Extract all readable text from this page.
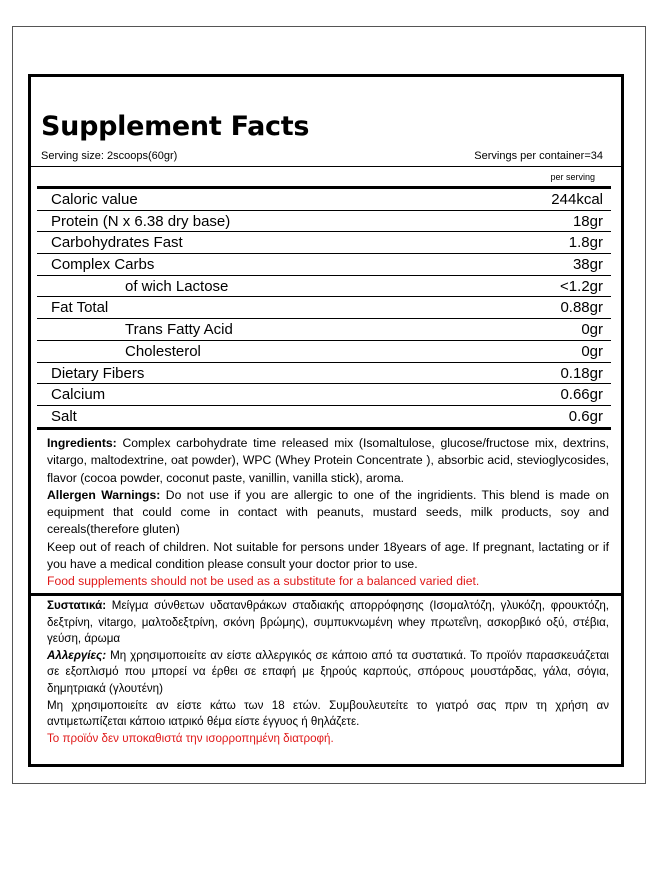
Supplement Facts
Serving size: 2scoops(60gr)	Servings per container=34
per serving
Caloric value	244kcal
Protein (N x 6.38 dry base)	18gr
Carbohydrates Fast	1.8gr
Complex Carbs	38gr
of wich Lactose	<1.2gr
Fat Total	0.88gr
Trans Fatty Acid	0gr
Cholesterol	0gr
Dietary Fibers	0.18gr
Calcium	0.66gr
Salt	0.6gr
Ingredients: Complex carbohydrate time released mix (Isomaltulose, glucose/fructose mix, dextrins, vitargo, maltodextrine, oat powder), WPC (Whey Protein Concentrate ), absorbic acid, stevioglycosides, flavor (cocoa powder, coconut paste, vanillin, vanilla stick), aroma.
Allergen Warnings: Do not use if you are allergic to one of the ingridients. This blend is made on equipment that could come in contact with peanuts, mustard seeds, milk products, soy and cereals(therefore gluten)
Keep out of reach of children. Not suitable for persons under 18years of age. If pregnant, lactating or if you have a medical condition please consult your doctor prior to use.
Food supplements should not be used as a substitute for a balanced varied diet.
Συστατικά: Μείγμα σύνθετων υδατανθράκων σταδιακής απορρόφησης (Ισομαλτόζη, γλυκόζη, φρουκτόζη, δεξτρίνη, vitargo, μαλτοδεξτρίνη, σκόνη βρώμης), συμπυκνωμένη whey πρωτεΐνη, ασκορβικό οξύ, στέβια, γεύση, άρωμα
Αλλεργίες: Μη χρησιμοποιείτε αν είστε αλλεργικός σε κάποιο από τα συστατικά. Το προϊόν παρασκευάζεται σε εξοπλισμό που μπορεί να έρθει σε επαφή με ξηρούς καρπούς, σπόρους μουστάρδας, γάλα, σόγια, δημητριακά (γλουτένη)
Μη χρησιμοποιείτε αν είστε κάτω των 18 ετών. Συμβουλευτείτε το γιατρό σας πριν τη χρήση αν αντιμετωπίζεται κάποιο ιατρικό θέμα είστε έγγυος ή θηλάζετε.
Το προϊόν δεν υποκαθιστά την ισορροπημένη διατροφή.
